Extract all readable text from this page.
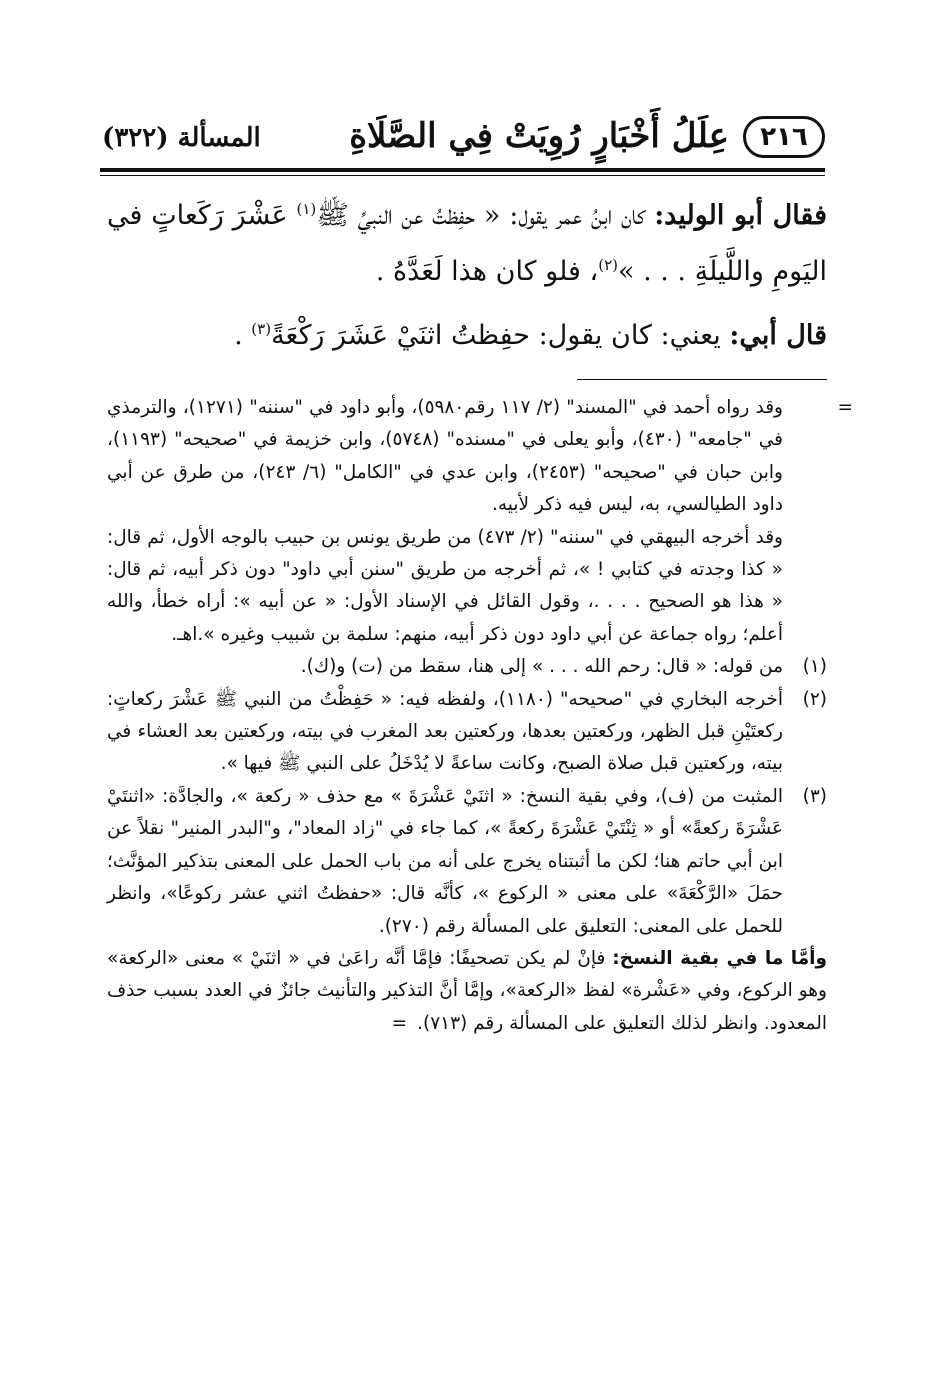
٢١٦
عِلَلُ أَخْبَارٍ رُوِيَتْ فِي الصَّلَاةِ
المسألة (٣٢٢)

فقال أبو الوليد: كان ابنُ عمر يقول: « حفِظتُ عن النبيِّ ﷺ$^{(١)}$ عَشْرَ رَكَعاتٍ في اليَومِ واللَّيلَةِ . . . »$^{(٢)}$، فلو كان هذا لَعَدَّهُ .

قال أبي: يعني: كان يقول: حفِظتُ اثنَيْ عَشَرَ رَكْعَةً$^{(٣)}$ .

=
وقد رواه أحمد في "المسند" (٢/ ١١٧ رقم٥٩٨٠)، وأبو داود في "سننه" (١٢٧١)، والترمذي في "جامعه" (٤٣٠)، وأبو يعلى في "مسنده" (٥٧٤٨)، وابن خزيمة في "صحيحه" (١١٩٣)، وابن حبان في "صحيحه" (٢٤٥٣)، وابن عدي في "الكامل" (٦/ ٢٤٣)، من طرق عن أبي داود الطيالسي، به، ليس فيه ذكر لأبيه.
وقد أخرجه البيهقي في "سننه" (٢/ ٤٧٣) من طريق يونس بن حبيب بالوجه الأول، ثم قال: « كذا وجدته في كتابي ! »، ثم أخرجه من طريق "سنن أبي داود" دون ذكر أبيه، ثم قال: « هذا هو الصحيح . . . .، وقول القائل في الإسناد الأول: « عن أبيه »: أراه خطأ، والله أعلم؛ رواه جماعة عن أبي داود دون ذكر أبيه، منهم: سلمة بن شبيب وغيره ».اهـ.
(١)
من قوله: « قال: رحم الله . . . » إلى هنا، سقط من (ت) و(ك).
(٢)
أخرجه البخاري في "صحيحه" (١١٨٠)، ولفظه فيه: « حَفِظْتُ من النبي ﷺ عَشْرَ ركعاتٍ: ركعتَيْنِ قبل الظهر، وركعتين بعدها، وركعتين بعد المغرب في بيته، وركعتين بعد العشاء في بيته، وركعتين قبل صلاة الصبح، وكانت ساعةً لا يُدْخَلُ على النبي ﷺ فيها ».
(٣)
المثبت من (ف)، وفي بقية النسخ: « اثنَيْ عَشْرَةَ » مع حذف « ركعة »، والجادَّة: «اثنتَيْ عَشْرَةَ ركعةً» أو « ثِنْتَيْ عَشْرَةَ ركعةً »، كما جاء في "زاد المعاد"، و"البدر المنير" نقلاً عن ابن أبي حاتم هنا؛ لكن ما أثبتناه يخرج على أنه من باب الحمل على المعنى بتذكير المؤنَّث؛ حمَلَ «الرَّكْعَةَ» على معنى « الركوع »، كأنَّه قال: «حفظتُ اثني عشر ركوعًا»، وانظر للحمل على المعنى: التعليق على المسألة رقم (٢٧٠).
وأمَّا ما في بقية النسخ: فإنْ لم يكن تصحيفًا: فإمَّا أنَّه راعَىٰ في « اثنَيْ » معنى «الركعة» وهو الركوع، وفي «عَشْرة» لفظ «الركعة»، وإمَّا أنَّ التذكير والتأنيث جائزٌ في العدد بسبب حذف المعدود. وانظر لذلك التعليق على المسألة رقم (٧١٣).=
